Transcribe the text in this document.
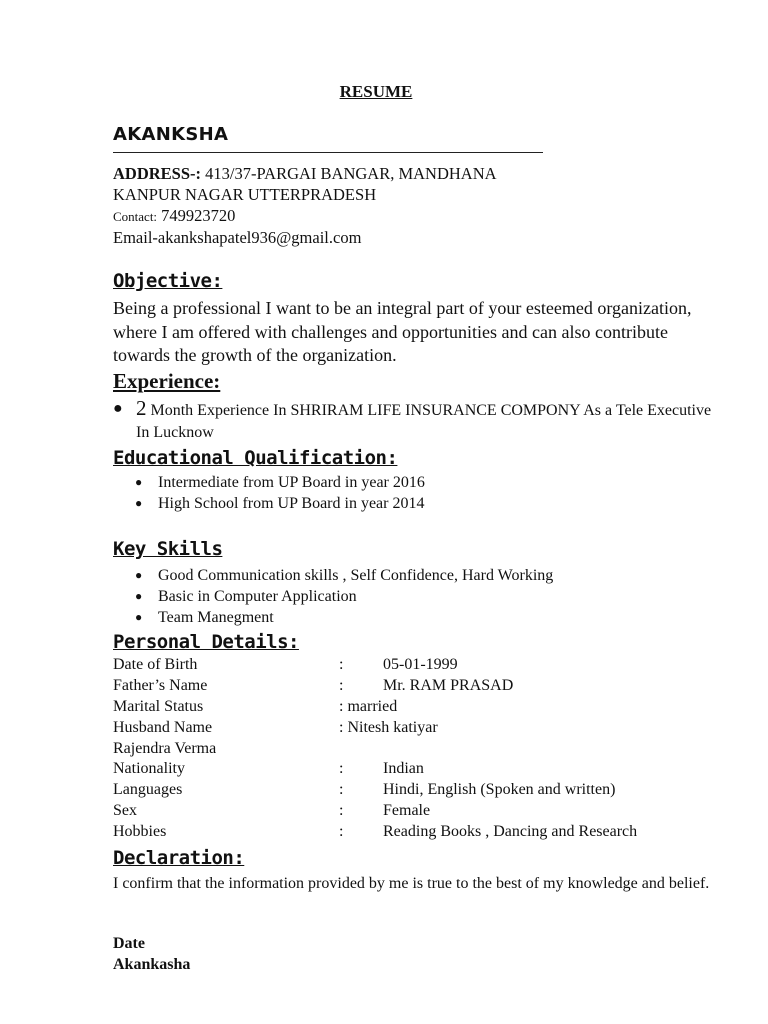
RESUME
AKANKSHA
ADDRESS-: 413/37-PARGAI BANGAR, MANDHANA
KANPUR NAGAR UTTERPRADESH
Contact: 749923720
Email-akankshapatel936@gmail.com
Objective:
Being a professional I want to be an integral part of your esteemed organization, where I am offered with challenges and opportunities and can also contribute towards the growth of the organization.
Experience:
● 2 Month Experience In SHRIRAM LIFE INSURANCE COMPONY As a Tele Executive In Lucknow
Educational Qualification:
● Intermediate from UP Board in year 2016
● High School from UP Board in year 2014
Key Skills
● Good Communication skills , Self Confidence, Hard Working
● Basic in Computer Application
● Team Manegment
Personal Details:
Date of Birth	: 05-01-1999
Father’s Name	: Mr. RAM PRASAD
Marital Status	: married
Husband Name	: Nitesh katiyar
Rajendra Verma
Nationality	: Indian
Languages	: Hindi, English (Spoken and written)
Sex	: Female
Hobbies	: Reading Books , Dancing and Research
Declaration:
I confirm that the information provided by me is true to the best of my knowledge and belief.
Date
Akankasha
